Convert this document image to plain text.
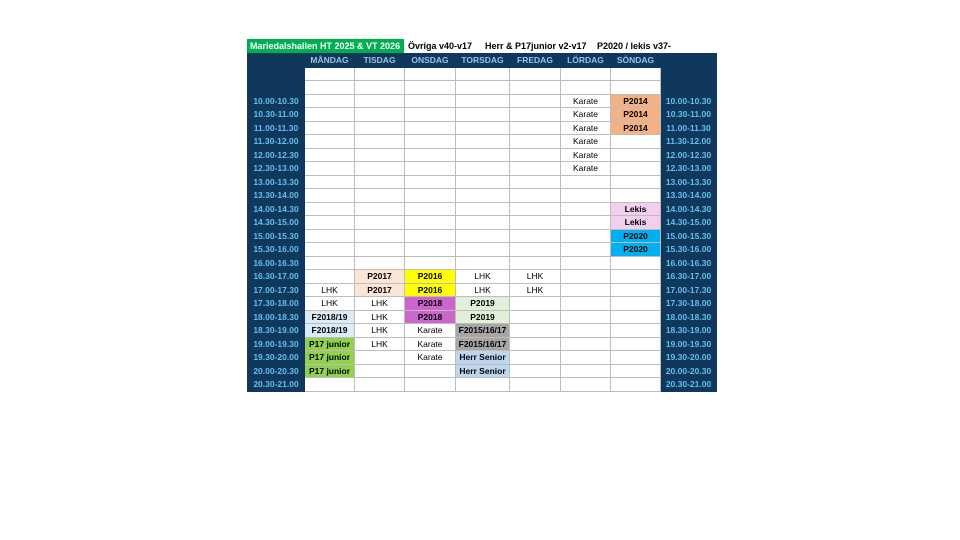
Mariedalshallen HT 2025 & VT 2026 Övriga v40-v17 Herr & P17junior v2-v17 P2020 / lekis v37-
	MÅNDAG	TISDAG	ONSDAG	TORSDAG	FREDAG	LÖRDAG	SÖNDAG	

10.00-10.30						Karate	P2014	10.00-10.30
10.30-11.00						Karate	P2014	10.30-11.00
11.00-11.30						Karate	P2014	11.00-11.30
11.30-12.00						Karate		11.30-12.00
12.00-12.30						Karate		12.00-12.30
12.30-13.00						Karate		12.30-13.00
13.00-13.30								13.00-13.30
13.30-14.00								13.30-14.00
14.00-14.30							Lekis	14.00-14.30
14.30-15.00							Lekis	14.30-15.00
15.00-15.30							P2020	15.00-15.30
15.30-16.00							P2020	15.30-16.00
16.00-16.30								16.00-16.30
16.30-17.00		P2017	P2016	LHK	LHK			16.30-17.00
17.00-17.30	LHK	P2017	P2016	LHK	LHK			17.00-17.30
17.30-18.00	LHK	LHK	P2018	P2019				17.30-18.00
18.00-18.30	F2018/19	LHK	P2018	P2019				18.00-18.30
18.30-19.00	F2018/19	LHK	Karate	F2015/16/17				18.30-19.00
19.00-19.30	P17 junior	LHK	Karate	F2015/16/17				19.00-19.30
19.30-20.00	P17 junior		Karate	Herr Senior				19.30-20.00
20.00-20.30	P17 junior			Herr Senior				20.00-20.30
20.30-21.00								20.30-21.00
